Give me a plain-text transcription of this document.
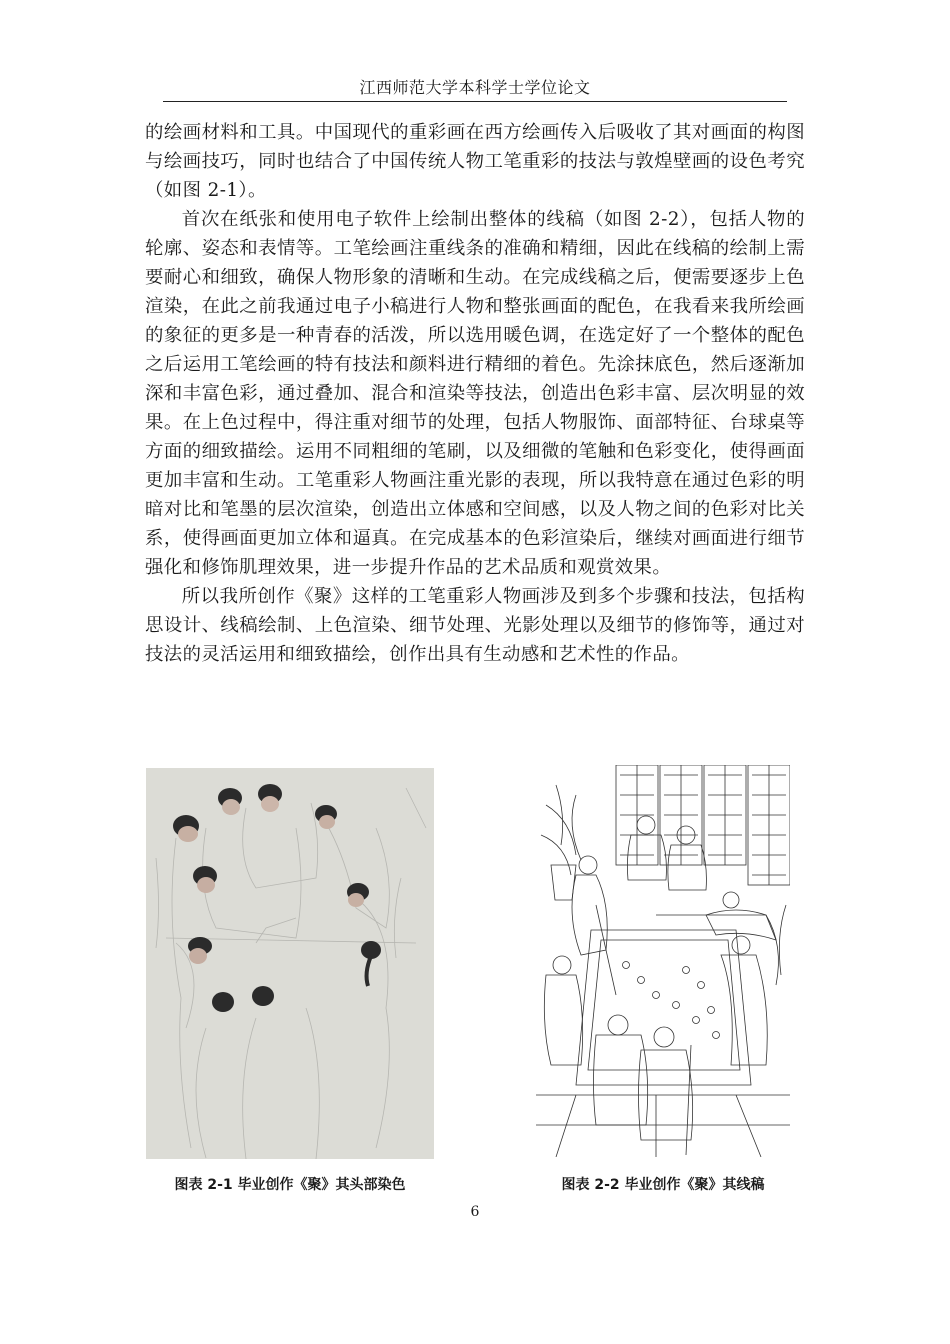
江西师范大学本科学士学位论文

的绘画材料和工具。中国现代的重彩画在西方绘画传入后吸收了其对画面的构图与绘画技巧，同时也结合了中国传统人物工笔重彩的技法与敦煌壁画的设色考究（如图 2-1）。

首次在纸张和使用电子软件上绘制出整体的线稿（如图 2-2），包括人物的轮廓、姿态和表情等。工笔绘画注重线条的准确和精细，因此在线稿的绘制上需要耐心和细致，确保人物形象的清晰和生动。在完成线稿之后，便需要逐步上色渲染，在此之前我通过电子小稿进行人物和整张画面的配色，在我看来我所绘画的象征的更多是一种青春的活泼，所以选用暖色调，在选定好了一个整体的配色之后运用工笔绘画的特有技法和颜料进行精细的着色。先涂抹底色，然后逐渐加深和丰富色彩，通过叠加、混合和渲染等技法，创造出色彩丰富、层次明显的效果。在上色过程中，得注重对细节的处理，包括人物服饰、面部特征、台球桌等方面的细致描绘。运用不同粗细的笔刷，以及细微的笔触和色彩变化，使得画面更加丰富和生动。工笔重彩人物画注重光影的表现，所以我特意在通过色彩的明暗对比和笔墨的层次渲染，创造出立体感和空间感，以及人物之间的色彩对比关系，使得画面更加立体和逼真。在完成基本的色彩渲染后，继续对画面进行细节强化和修饰肌理效果，进一步提升作品的艺术品质和观赏效果。

所以我所创作《聚》这样的工笔重彩人物画涉及到多个步骤和技法，包括构思设计、线稿绘制、上色渲染、细节处理、光影处理以及细节的修饰等，通过对技法的灵活运用和细致描绘，创作出具有生动感和艺术性的作品。

图表 2-1 毕业创作《聚》其头部染色	图表 2-2 毕业创作《聚》其线稿
6
